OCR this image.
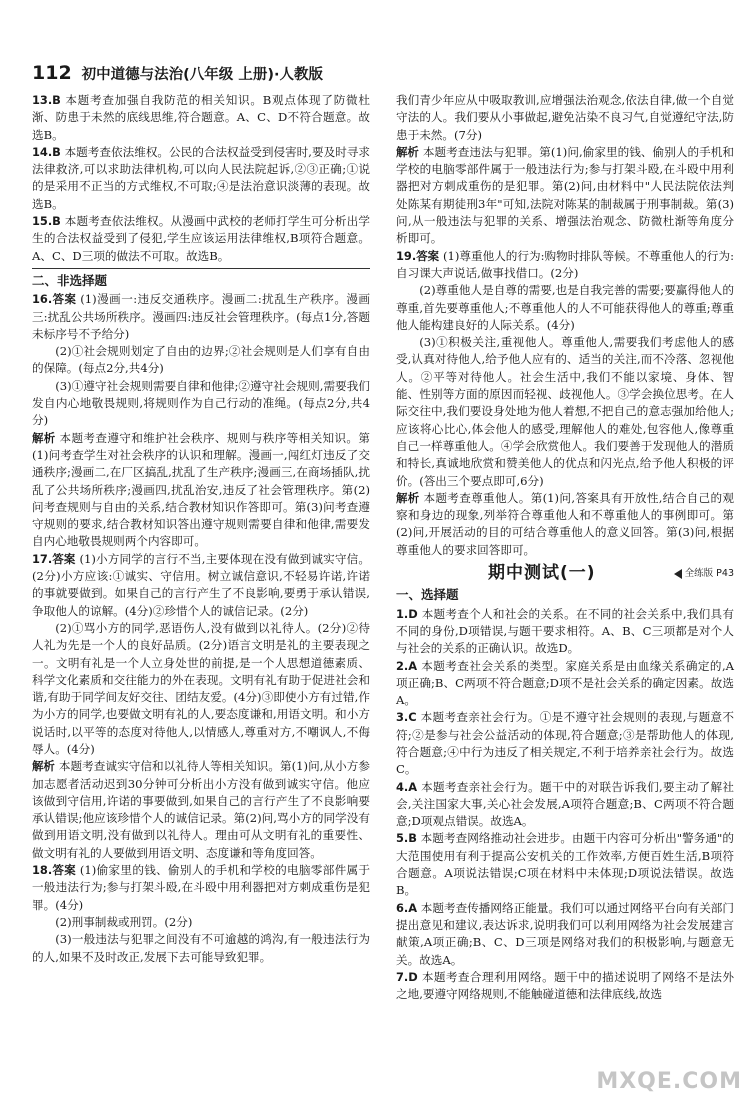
112 初中道德与法治(八年级 上册)·人教版

13.B 本题考查加强自我防范的相关知识。B观点体现了防微杜渐、防患于未然的底线思维,符合题意。A、C、D不符合题意。故选B。

14.B 本题考查依法维权。公民的合法权益受到侵害时,要及时寻求法律救济,可以求助法律机构,可以向人民法院起诉,②③正确;①说的是采用不正当的方式维权,不可取;④是法治意识淡薄的表现。故选B。

15.B 本题考查依法维权。从漫画中武校的老师打学生可分析出学生的合法权益受到了侵犯,学生应该运用法律维权,B项符合题意。A、C、D三项的做法不可取。故选B。

二、非选择题

16.答案 (1)漫画一:违反交通秩序。漫画二:扰乱生产秩序。漫画三:扰乱公共场所秩序。漫画四:违反社会管理秩序。(每点1分,答题未标序号不予给分)

(2)①社会规则划定了自由的边界;②社会规则是人们享有自由的保障。(每点2分,共4分)

(3)①遵守社会规则需要自律和他律;②遵守社会规则,需要我们发自内心地敬畏规则,将规则作为自己行动的准绳。(每点2分,共4分)

解析 本题考查遵守和维护社会秩序、规则与秩序等相关知识。第(1)问考查学生对社会秩序的认识和理解。漫画一,闯红灯违反了交通秩序;漫画二,在厂区搞乱,扰乱了生产秩序;漫画三,在商场插队,扰乱了公共场所秩序;漫画四,扰乱治安,违反了社会管理秩序。第(2)问考查规则与自由的关系,结合教材知识作答即可。第(3)问考查遵守规则的要求,结合教材知识答出遵守规则需要自律和他律,需要发自内心地敬畏规则两个内容即可。

17.答案 (1)小方同学的言行不当,主要体现在没有做到诚实守信。(2分)小方应该:①诚实、守信用。树立诚信意识,不轻易许诺,许诺的事就要做到。如果自己的言行产生了不良影响,要勇于承认错误,争取他人的谅解。(4分)②珍惜个人的诚信记录。(2分)

(2)①骂小方的同学,恶语伤人,没有做到以礼待人。(2分)②待人礼为先是一个人的良好品质。(2分)语言文明是礼的主要表现之一。文明有礼是一个人立身处世的前提,是一个人思想道德素质、科学文化素质和交往能力的外在表现。文明有礼有助于促进社会和谐,有助于同学间友好交往、团结友爱。(4分)③即使小方有过错,作为小方的同学,也要做文明有礼的人,要态度谦和,用语文明。和小方说话时,以平等的态度对待他人,以情感人,尊重对方,不嘲讽人,不侮辱人。(4分)

解析 本题考查诚实守信和以礼待人等相关知识。第(1)问,从小方参加志愿者活动迟到30分钟可分析出小方没有做到诚实守信。他应该做到守信用,许诺的事要做到,如果自己的言行产生了不良影响要承认错误;他应该珍惜个人的诚信记录。第(2)问,骂小方的同学没有做到用语文明,没有做到以礼待人。理由可从文明有礼的重要性、做文明有礼的人要做到用语文明、态度谦和等角度回答。

18.答案 (1)偷家里的钱、偷别人的手机和学校的电脑零部件属于一般违法行为;参与打架斗殴,在斗殴中用利器把对方刺成重伤是犯罪。(4分)

(2)刑事制裁或刑罚。(2分)

(3)一般违法与犯罪之间没有不可逾越的鸿沟,有一般违法行为的人,如果不及时改正,发展下去可能导致犯罪。

我们青少年应从中吸取教训,应增强法治观念,依法自律,做一个自觉守法的人。我们要从小事做起,避免沾染不良习气,自觉遵纪守法,防患于未然。(7分)

解析 本题考查违法与犯罪。第(1)问,偷家里的钱、偷别人的手机和学校的电脑零部件属于一般违法行为;参与打架斗殴,在斗殴中用利器把对方刺成重伤的是犯罪。第(2)问,由材料中"人民法院依法判处陈某有期徒刑3年"可知,法院对陈某的制裁属于刑事制裁。第(3)问,从一般违法与犯罪的关系、增强法治观念、防微杜渐等角度分析即可。

19.答案 (1)尊重他人的行为:购物时排队等候。不尊重他人的行为:自习课大声说话,做事找借口。(2分)

(2)尊重他人是自尊的需要,也是自我完善的需要;要赢得他人的尊重,首先要尊重他人;不尊重他人的人不可能获得他人的尊重;尊重他人能构建良好的人际关系。(4分)

(3)①积极关注,重视他人。尊重他人,需要我们考虑他人的感受,认真对待他人,给予他人应有的、适当的关注,而不冷落、忽视他人。②平等对待他人。社会生活中,我们不能以家境、身体、智能、性别等方面的原因而轻视、歧视他人。③学会换位思考。在人际交往中,我们要设身处地为他人着想,不把自己的意志强加给他人;应该将心比心,体会他人的感受,理解他人的难处,包容他人,像尊重自己一样尊重他人。④学会欣赏他人。我们要善于发现他人的潜质和特长,真诚地欣赏和赞美他人的优点和闪光点,给予他人积极的评价。(答出三个要点即可,6分)

解析 本题考查尊重他人。第(1)问,答案具有开放性,结合自己的观察和身边的现象,列举符合尊重他人和不尊重他人的事例即可。第(2)问,开展活动的目的可结合尊重他人的意义回答。第(3)问,根据尊重他人的要求回答即可。

期中测试(一)	全练版 P43
一、选择题

1.D 本题考查个人和社会的关系。在不同的社会关系中,我们具有不同的身份,D项错误,与题干要求相符。A、B、C三项都是对个人与社会的关系的正确认识。故选D。

2.A 本题考查社会关系的类型。家庭关系是由血缘关系确定的,A项正确;B、C两项不符合题意;D项不是社会关系的确定因素。故选A。

3.C 本题考查亲社会行为。①是不遵守社会规则的表现,与题意不符;②是参与社会公益活动的体现,符合题意;③是帮助他人的体现,符合题意;④中行为违反了相关规定,不利于培养亲社会行为。故选C。

4.A 本题考查亲社会行为。题干中的对联告诉我们,要主动了解社会,关注国家大事,关心社会发展,A项符合题意;B、C两项不符合题意;D项观点错误。故选A。

5.B 本题考查网络推动社会进步。由题干内容可分析出"警务通"的大范围使用有利于提高公安机关的工作效率,方便百姓生活,B项符合题意。A项说法错误;C项在材料中未体现;D项说法错误。故选B。

6.A 本题考查传播网络正能量。我们可以通过网络平台向有关部门提出意见和建议,表达诉求,说明我们可以利用网络为社会发展建言献策,A项正确;B、C、D三项是网络对我们的积极影响,与题意无关。故选A。

7.D 本题考查合理利用网络。题干中的描述说明了网络不是法外之地,要遵守网络规则,不能触碰道德和法律底线,故选

MXQE.COM
